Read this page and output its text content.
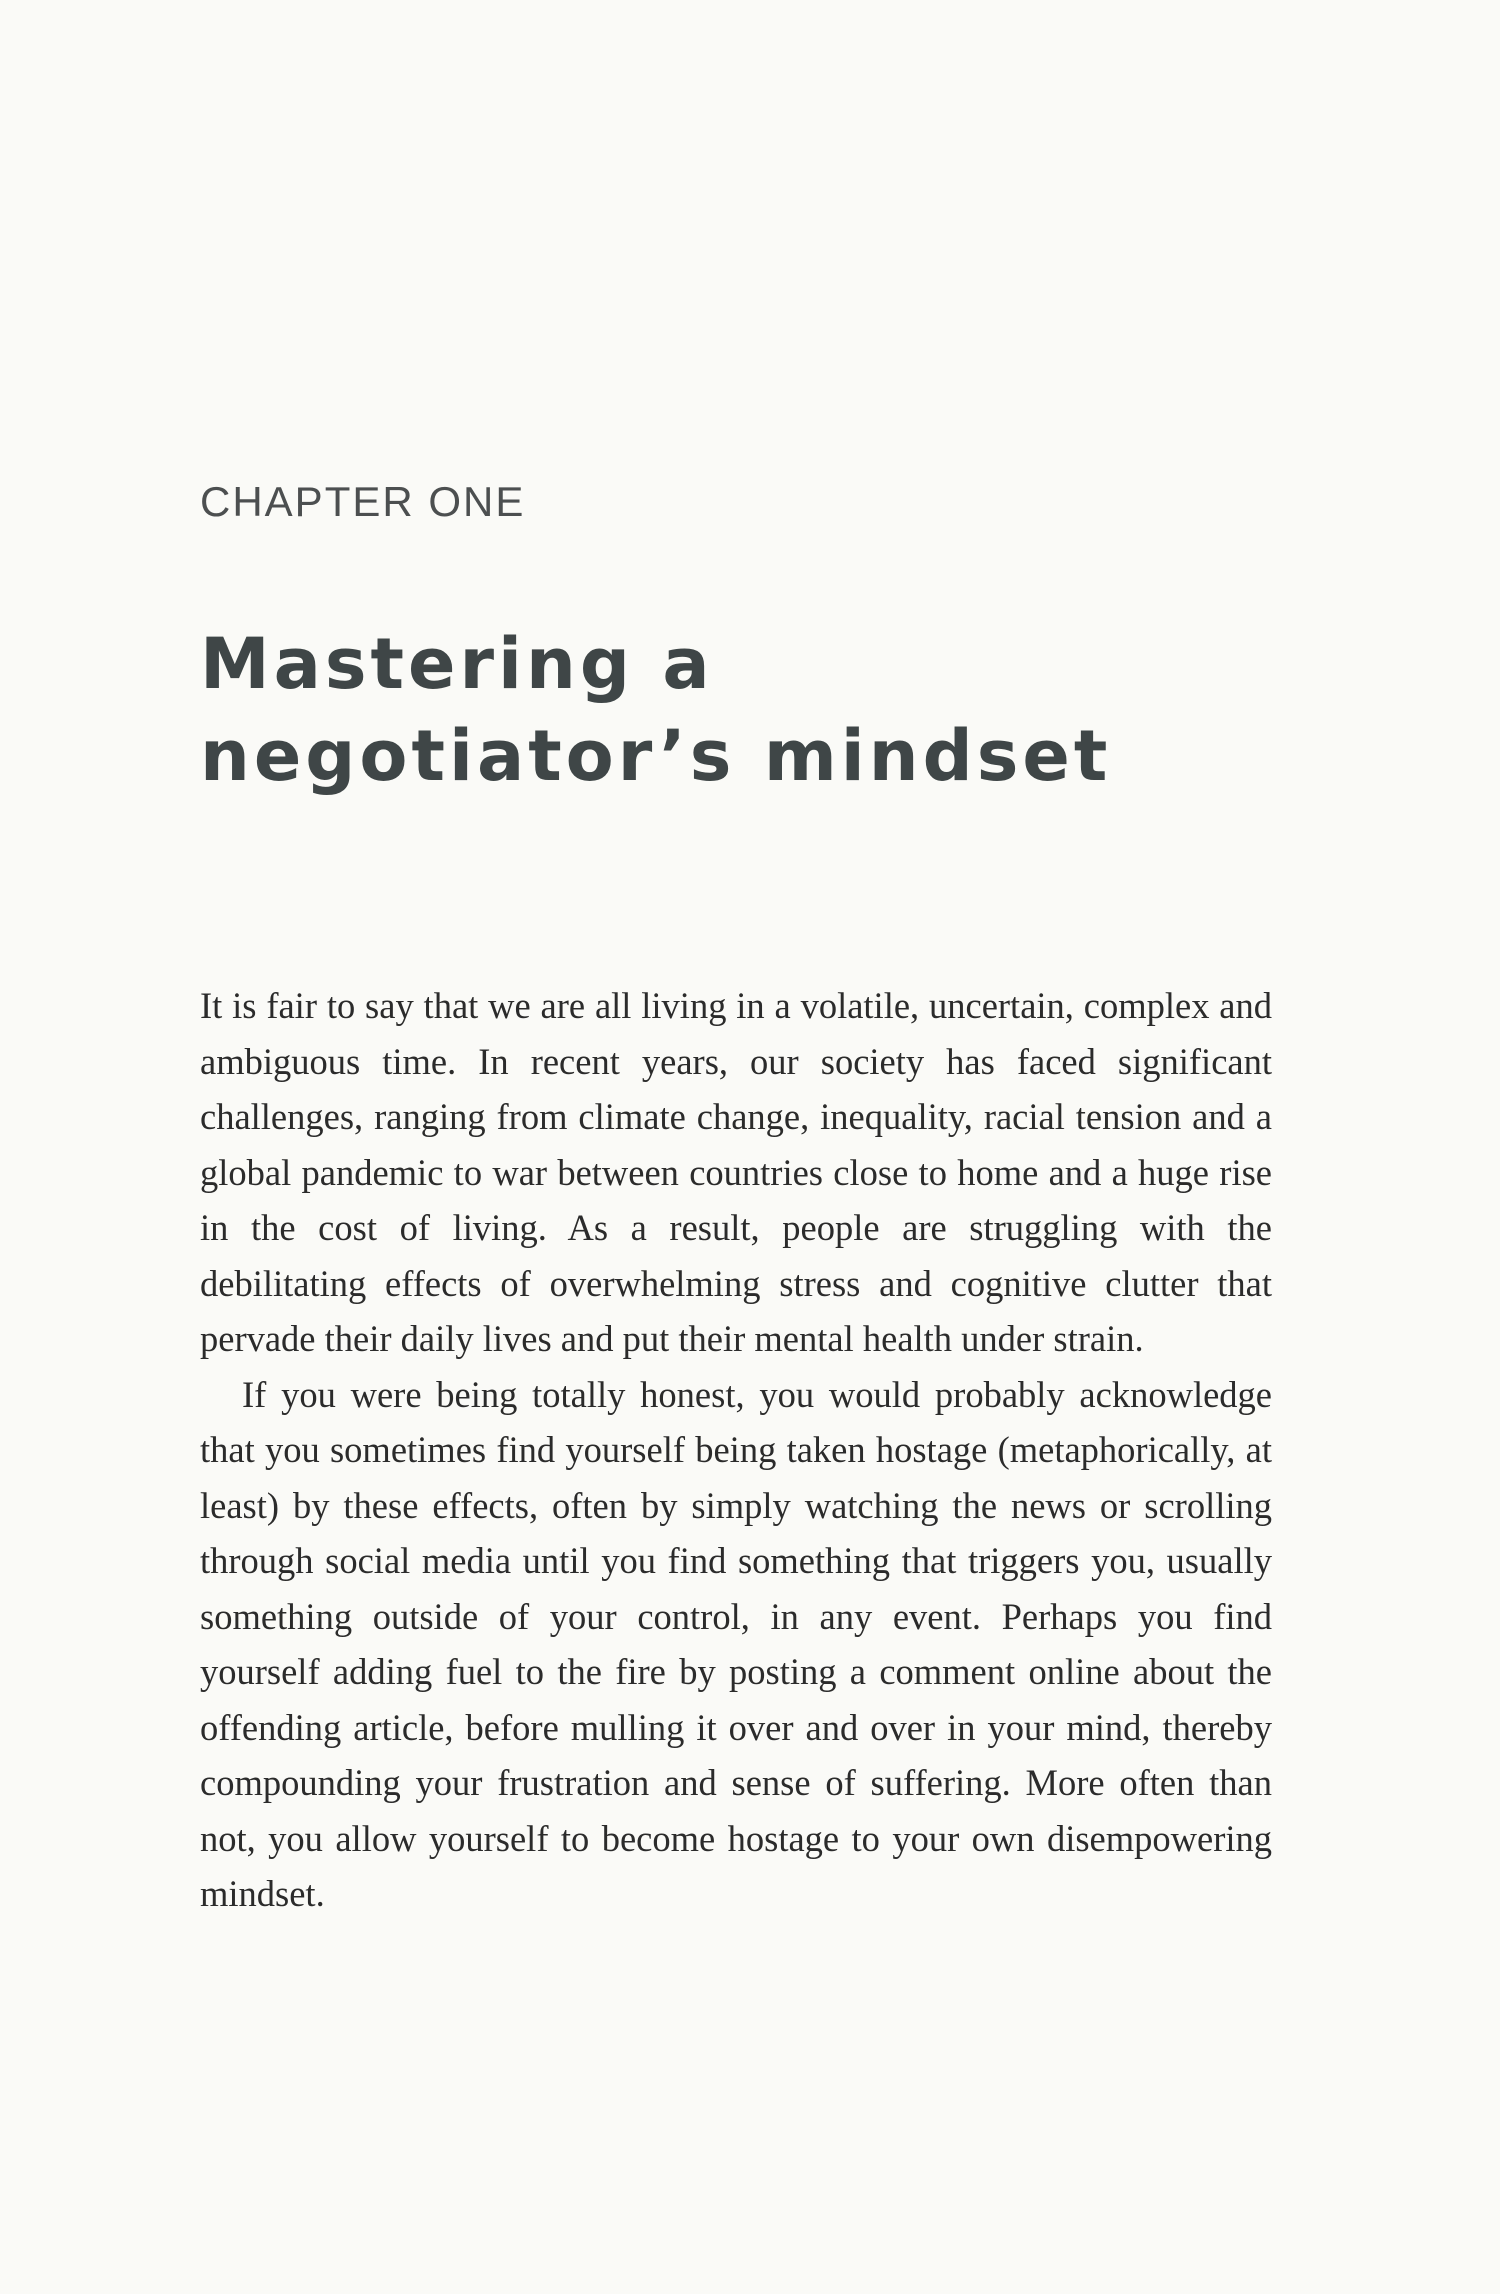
CHAPTER ONE
Mastering a
negotiator’s mindset

It is fair to say that we are all living in a volatile, uncertain, complex and ambiguous time. In recent years, our society has faced significant challenges, ranging from climate change, inequality, racial tension and a global pandemic to war between countries close to home and a huge rise in the cost of living. As a result, people are struggling with the debilitating effects of overwhelming stress and cognitive clutter that pervade their daily lives and put their mental health under strain.

If you were being totally honest, you would probably acknowledge that you sometimes find yourself being taken hostage (metaphorically, at least) by these effects, often by simply watching the news or scrolling through social media until you find something that triggers you, usually something outside of your control, in any event. Perhaps you find yourself adding fuel to the fire by posting a comment online about the offending article, before mulling it over and over in your mind, thereby compounding your frustration and sense of suffering. More often than not, you allow yourself to become hostage to your own disempowering mindset.
